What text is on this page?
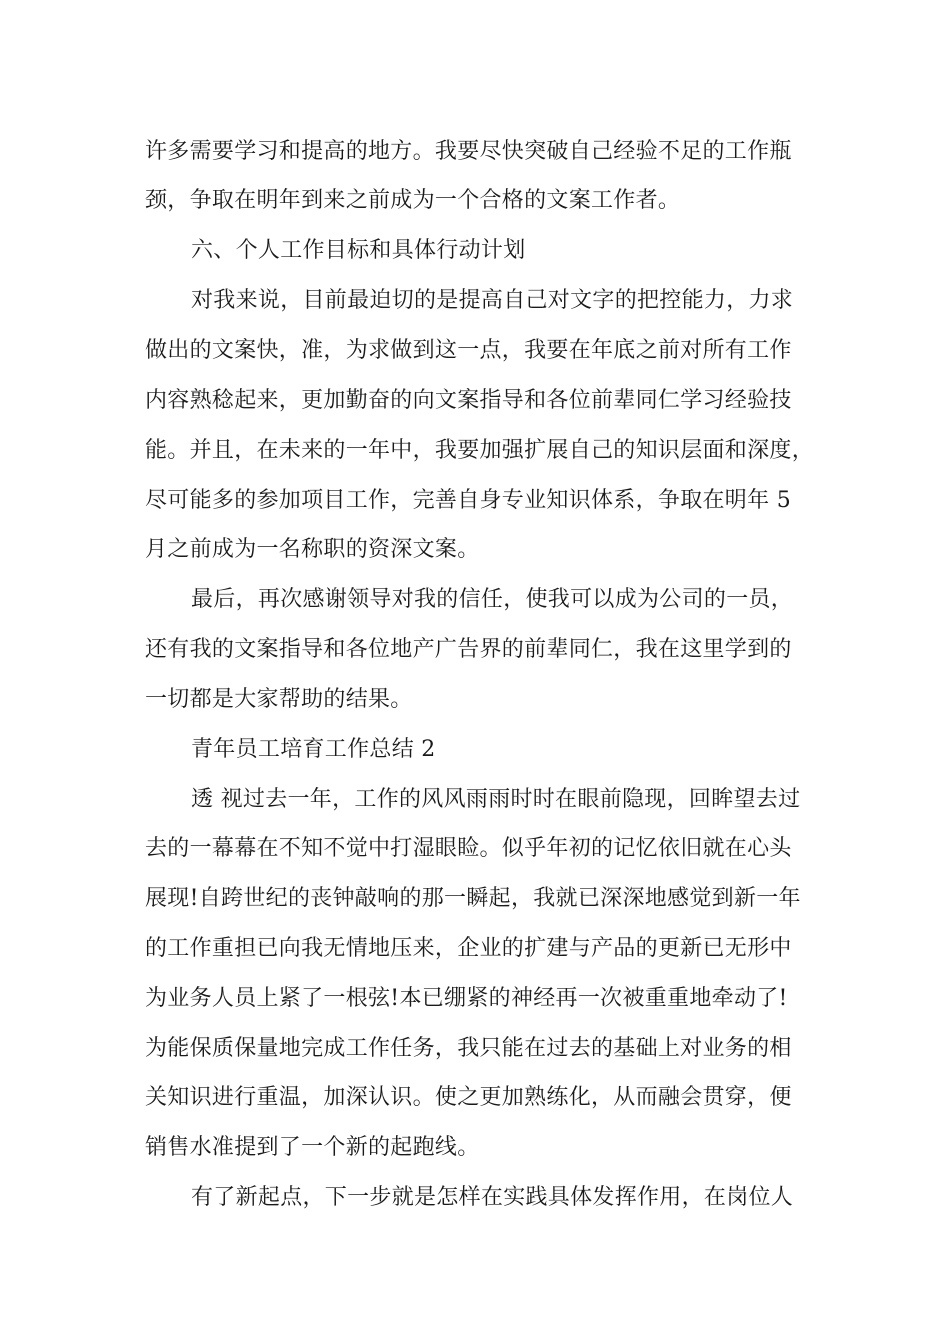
许多需要学习和提高的地方。我要尽快突破自己经验不足的工作瓶
颈，争取在明年到来之前成为一个合格的文案工作者。
六、个人工作目标和具体行动计划
对我来说，目前最迫切的是提高自己对文字的把控能力，力求
做出的文案快，准，为求做到这一点，我要在年底之前对所有工作
内容熟稔起来，更加勤奋的向文案指导和各位前辈同仁学习经验技
能。并且，在未来的一年中，我要加强扩展自己的知识层面和深度，
尽可能多的参加项目工作，完善自身专业知识体系，争取在明年 5
月之前成为一名称职的资深文案。
最后，再次感谢领导对我的信任，使我可以成为公司的一员，
还有我的文案指导和各位地产广告界的前辈同仁，我在这里学到的
一切都是大家帮助的结果。
青年员工培育工作总结 2
透 视过去一年，工作的风风雨雨时时在眼前隐现，回眸望去过
去的一幕幕在不知不觉中打湿眼睑。似乎年初的记忆依旧就在心头
展现!自跨世纪的丧钟敲响的那一瞬起，我就已深深地感觉到新一年
的工作重担已向我无情地压来，企业的扩建与产品的更新已无形中
为业务人员上紧了一根弦!本已绷紧的神经再一次被重重地牵动了!
为能保质保量地完成工作任务，我只能在过去的基础上对业务的相
关知识进行重温，加深认识。使之更加熟练化，从而融会贯穿，便
销售水准提到了一个新的起跑线。
有了新起点，下一步就是怎样在实践具体发挥作用，在岗位人
